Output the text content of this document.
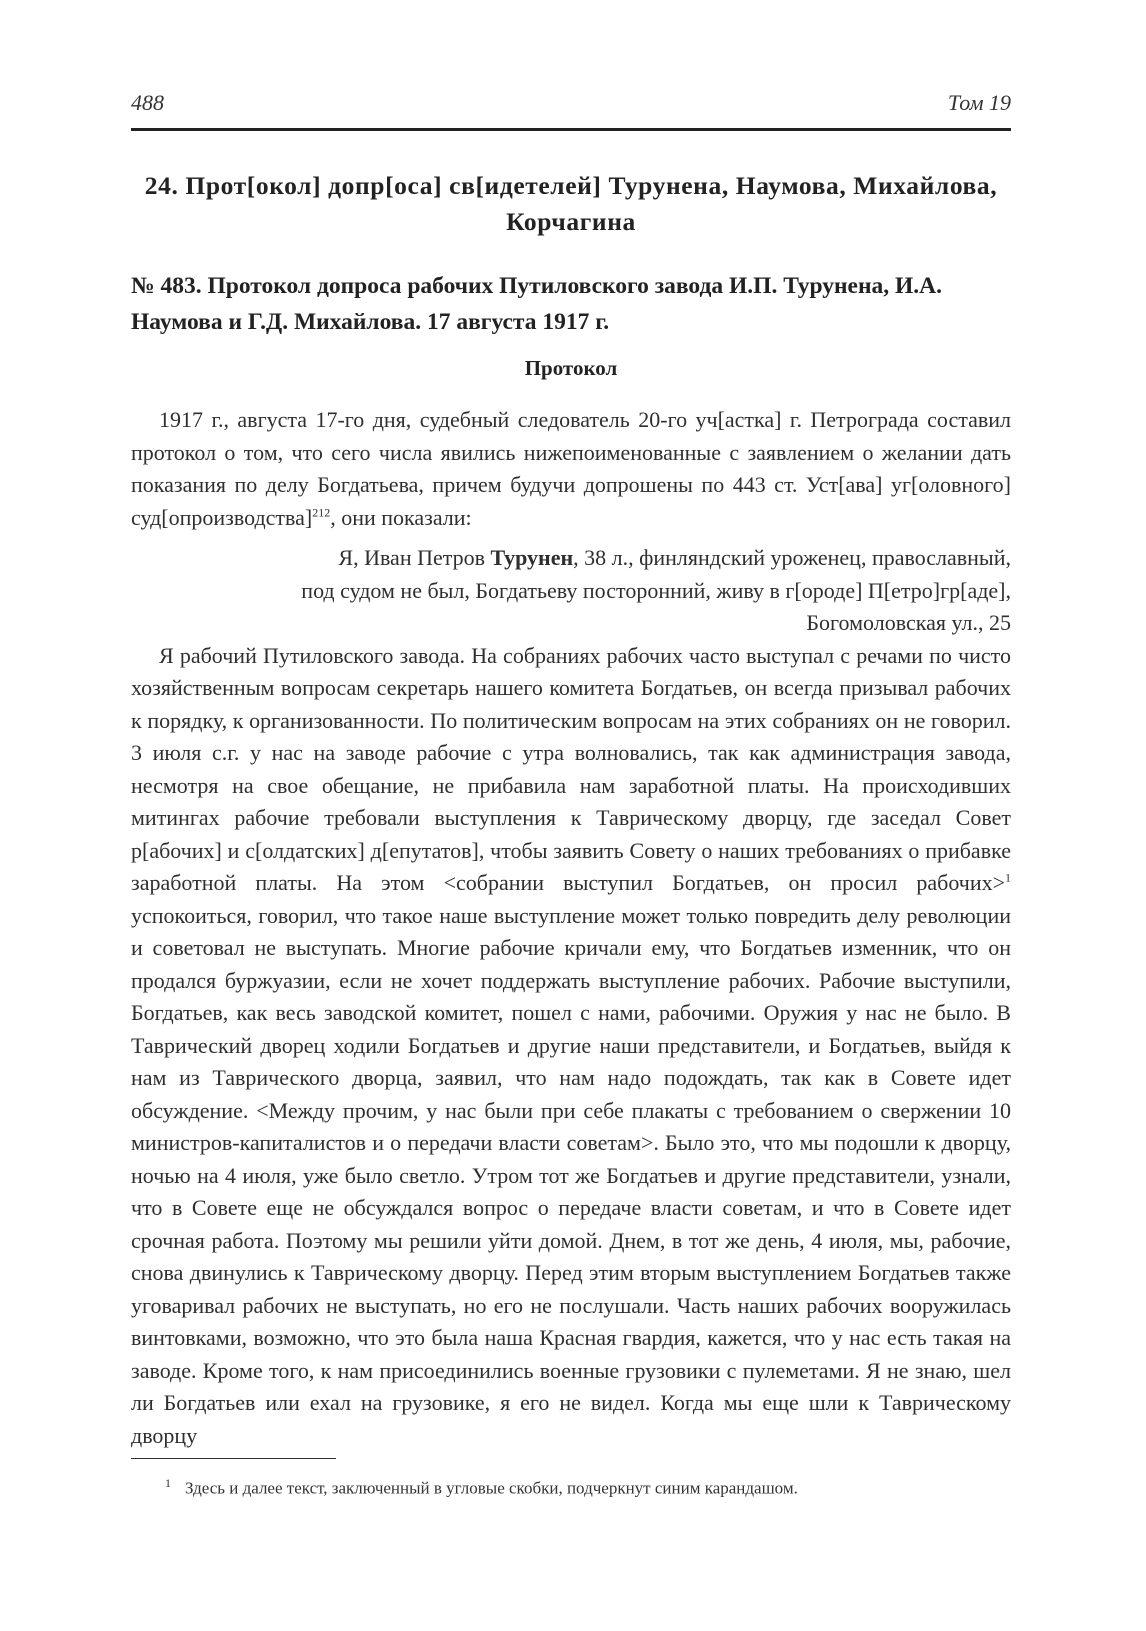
488	Том 19
24. Прот[окол] допр[оса] св[идетелей] Турунена, Наумова, Михайлова, Корчагина
№ 483. Протокол допроса рабочих Путиловского завода И.П. Турунена, И.А. Наумова и Г.Д. Михайлова. 17 августа 1917 г.
Протокол

1917 г., августа 17-го дня, судебный следователь 20-го уч[астка] г. Петрограда составил протокол о том, что сего числа явились нижепоименованные с заявлением о желании дать показания по делу Богдатьева, причем будучи допрошены по 443 ст. Уст[ава] уг[оловного] суд[опроизводства]$^{212}$, они показали:

Я, Иван Петров Турунен, 38 л., финляндский уроженец, православный,
под судом не был, Богдатьеву посторонний, живу в г[ороде] П[етро]гр[аде],
Богомоловская ул., 25

Я рабочий Путиловского завода. На собраниях рабочих часто выступал с речами по чисто хозяйственным вопросам секретарь нашего комитета Богдатьев, он всегда призывал рабочих к порядку, к организованности. По политическим вопросам на этих собраниях он не говорил. 3 июля с.г. у нас на заводе рабочие с утра волновались, так как администрация завода, несмотря на свое обещание, не прибавила нам заработной платы. На происходивших митингах рабочие требовали выступления к Таврическому дворцу, где заседал Совет р[абочих] и с[олдатских] д[епутатов], чтобы заявить Совету о наших требованиях о прибавке заработной платы. На этом <собрании выступил Богдатьев, он просил рабочих>$^1$ успокоиться, говорил, что такое наше выступление может только повредить делу революции и советовал не выступать. Многие рабочие кричали ему, что Богдатьев изменник, что он продался буржуазии, если не хочет поддержать выступление рабочих. Рабочие выступили, Богдатьев, как весь заводской комитет, пошел с нами, рабочими. Оружия у нас не было. В Таврический дворец ходили Богдатьев и другие наши представители, и Богдатьев, выйдя к нам из Таврического дворца, заявил, что нам надо подождать, так как в Совете идет обсуждение. <Между прочим, у нас были при себе плакаты с требованием о свержении 10 министров-капиталистов и о передачи власти советам>. Было это, что мы подошли к дворцу, ночью на 4 июля, уже было светло. Утром тот же Богдатьев и другие представители, узнали, что в Совете еще не обсуждался вопрос о передаче власти советам, и что в Совете идет срочная работа. Поэтому мы решили уйти домой. Днем, в тот же день, 4 июля, мы, рабочие, снова двинулись к Таврическому дворцу. Перед этим вторым выступлением Богдатьев также уговаривал рабочих не выступать, но его не послушали. Часть наших рабочих вооружилась винтовками, возможно, что это была наша Красная гвардия, кажется, что у нас есть такая на заводе. Кроме того, к нам присоединились военные грузовики с пулеметами. Я не знаю, шел ли Богдатьев или ехал на грузовике, я его не видел. Когда мы еще шли к Таврическому дворцу

$^1$ Здесь и далее текст, заключенный в угловые скобки, подчеркнут синим карандашом.
